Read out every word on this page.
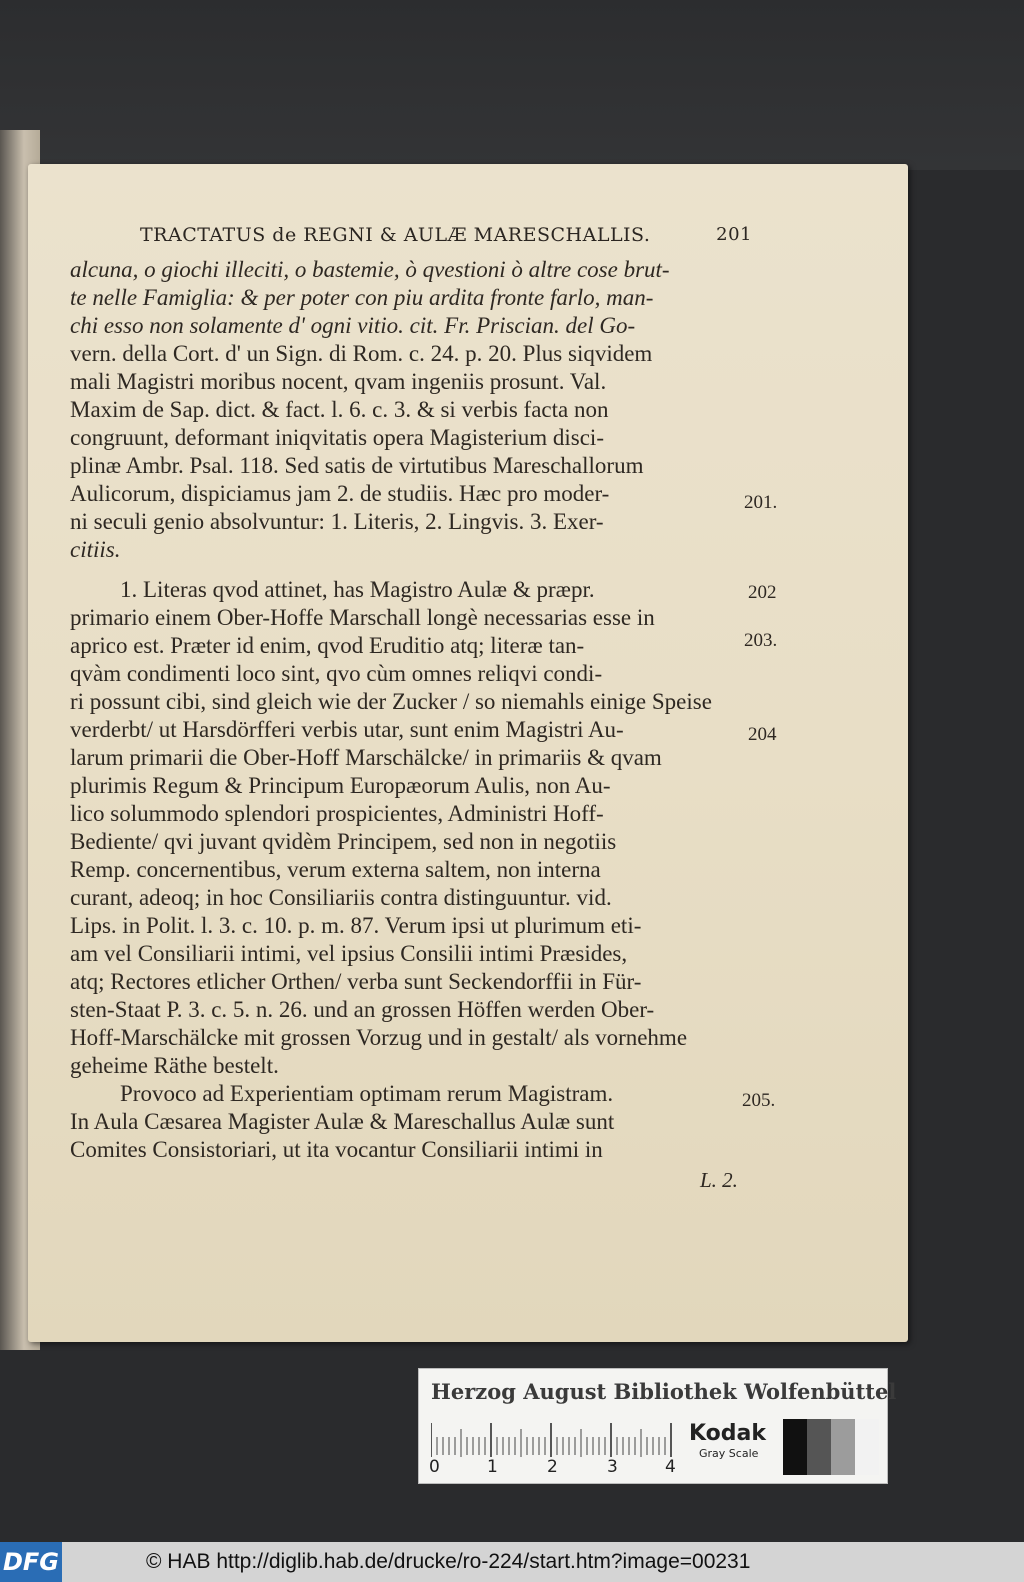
TRACTATUS de REGNI & AULÆ MARESCHALLIS.	201
alcuna, o giochi illeciti, o bastemie, ò qvestioni ò altre cose brut-
te nelle Famiglia: & per poter con piu ardita fronte farlo, man-
chi esso non solamente d' ogni vitio. cit. Fr. Priscian. del Go-
vern. della Cort. d' un Sign. di Rom. c. 24. p. 20. Plus siqvidem
mali Magistri moribus nocent, qvam ingeniis prosunt. Val.
Maxim de Sap. dict. & fact. l. 6. c. 3. & si verbis facta non
congruunt, deformant iniqvitatis opera Magisterium disci-
plinæ Ambr. Psal. 118. Sed satis de virtutibus Mareschallorum
Aulicorum, dispiciamus jam 2. de studiis. Hæc pro moder-
ni seculi genio absolvuntur: 1. Literis, 2. Lingvis. 3. Exer-
citiis.
1. Literas qvod attinet, has Magistro Aulæ & præpr.
primario einem Ober-Hoffe Marschall longè necessarias esse in
aprico est. Præter id enim, qvod Eruditio atq; literæ tan-
qvàm condimenti loco sint, qvo cùm omnes reliqvi condi-
ri possunt cibi, sind gleich wie der Zucker / so niemahls einige Speise
verderbt/ ut Harsdörfferi verbis utar, sunt enim Magistri Au-
larum primarii die Ober-Hoff Marschälcke/ in primariis & qvam
plurimis Regum & Principum Europæorum Aulis, non Au-
lico solummodo splendori prospicientes, Administri Hoff-
Bediente/ qvi juvant qvidèm Principem, sed non in negotiis
Remp. concernentibus, verum externa saltem, non interna
curant, adeoq; in hoc Consiliariis contra distinguuntur. vid.
Lips. in Polit. l. 3. c. 10. p. m. 87. Verum ipsi ut plurimum eti-
am vel Consiliarii intimi, vel ipsius Consilii intimi Præsides,
atq; Rectores etlicher Orthen/ verba sunt Seckendorffii in Für-
sten-Staat P. 3. c. 5. n. 26. und an grossen Höffen werden Ober-
Hoff-Marschälcke mit grossen Vorzug und in gestalt/ als vornehme
geheime Räthe bestelt.
Provoco ad Experientiam optimam rerum Magistram.
In Aula Cæsarea Magister Aulæ & Mareschallus Aulæ sunt
Comites Consistoriari, ut ita vocantur Consiliarii intimi in
201.
202
203.
204
205.
L. 2.
Herzog August Bibliothek Wolfenbüttel
0	1	2	3	4
Kodak
Gray Scale
DFG	© HAB http://diglib.hab.de/drucke/ro-224/start.htm?image=00231
